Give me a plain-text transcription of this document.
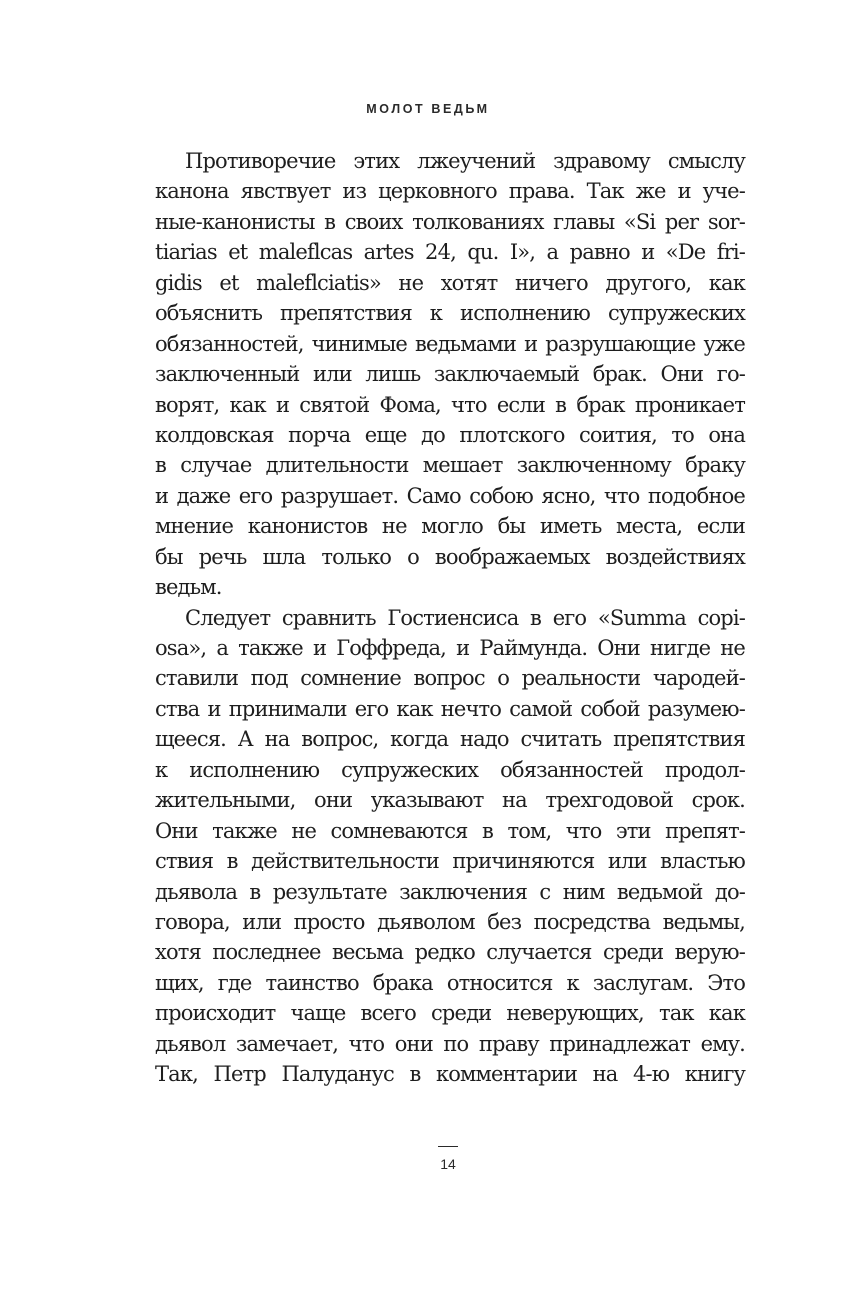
МОЛОТ ВЕДЬМ
Противоречие этих лжеучений здравому смыслу
канона явствует из церковного права. Так же и уче-
ные-канонисты в своих толкованиях главы «Si per sor-
tiarias et maleflcas artes 24, qu. I», а равно и «De fri-
gidis et maleflciatis» не хотят ничего другого, как
объяснить препятствия к исполнению супружеских
обязанностей, чинимые ведьмами и разрушающие уже
заключенный или лишь заключаемый брак. Они го-
ворят, как и святой Фома, что если в брак проникает
колдовская порча еще до плотского соития, то она
в случае длительности мешает заключенному браку
и даже его разрушает. Само собою ясно, что подобное
мнение канонистов не могло бы иметь места, если
бы речь шла только о воображаемых воздействиях
ведьм.
Следует сравнить Гостиенсиса в его «Summa copi-
osa», а также и Гоффреда, и Раймунда. Они нигде не
ставили под сомнение вопрос о реальности чародей-
ства и принимали его как нечто самой собой разумею-
щееся. А на вопрос, когда надо считать препятствия
к исполнению супружеских обязанностей продол-
жительными, они указывают на трехгодовой срок.
Они также не сомневаются в том, что эти препят-
ствия в действительности причиняются или властью
дьявола в результате заключения с ним ведьмой до-
говора, или просто дьяволом без посредства ведьмы,
хотя последнее весьма редко случается среди верую-
щих, где таинство брака относится к заслугам. Это
происходит чаще всего среди неверующих, так как
дьявол замечает, что они по праву принадлежат ему.
Так, Петр Палуданус в комментарии на 4-ю книгу
14
